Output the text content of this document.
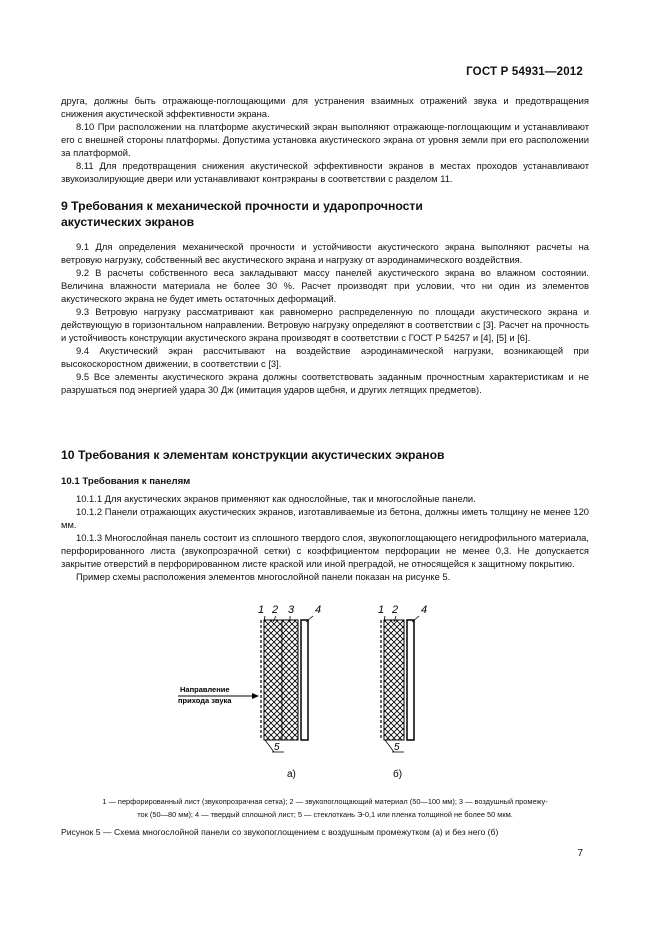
ГОСТ Р 54931—2012

друга, должны быть отражающе-поглощающими для устранения взаимных отражений звука и предотвращения снижения акустической эффективности экрана.

8.10 При расположении на платформе акустический экран выполняют отражающе-поглощающим и устанавливают его с внешней стороны платформы. Допустима установка акустического экрана от уровня земли при его расположении за платформой.

8.11 Для предотвращения снижения акустической эффективности экранов в местах проходов устанавливают звукоизолирующие двери или устанавливают контрэкраны в соответствии с разделом 11.

9 Требования к механической прочности и ударопрочности акустических экранов

9.1 Для определения механической прочности и устойчивости акустического экрана выполняют расчеты на ветровую нагрузку, собственный вес акустического экрана и нагрузку от аэродинамического воздействия.

9.2 В расчеты собственного веса закладывают массу панелей акустического экрана во влажном состоянии. Величина влажности материала не более 30 %. Расчет производят при условии, что ни один из элементов акустического экрана не будет иметь остаточных деформаций.

9.3 Ветровую нагрузку рассматривают как равномерно распределенную по площади акустического экрана и действующую в горизонтальном направлении. Ветровую нагрузку определяют в соответствии с [3]. Расчет на прочность и устойчивость конструкции акустического экрана производят в соответствии с ГОСТ Р 54257 и [4], [5] и [6].

9.4 Акустический экран рассчитывают на воздействие аэродинамической нагрузки, возникающей при высокоскоростном движении, в соответствии с [3].

9.5 Все элементы акустического экрана должны соответствовать заданным прочностным характеристикам и не разрушаться под энергией удара 30 Дж (имитация ударов щебня, и других летящих предметов).

10 Требования к элементам конструкции акустических экранов
10.1 Требования к панелям

10.1.1 Для акустических экранов применяют как однослойные, так и многослойные панели.

10.1.2 Панели отражающих акустических экранов, изготавливаемые из бетона, должны иметь толщину не менее 120 мм.

10.1.3 Многослойная панель состоит из сплошного твердого слоя, звукопоглощающего негидрофильного материала, перфорированного листа (звукопрозрачной сетки) с коэффициентом перфорации не менее 0,3. Не допускается закрытие отверстий в перфорированном листе краской или иной преградой, не относящейся к защитному покрытию.

Пример схемы расположения элементов многослойной панели показан на рисунке 5.

1 2 3 4
5
а)
Направление
прихода звука
1 2 4
5
б)
1 — перфорированный лист (звукопрозрачная сетка); 2 — звукопоглощающий материал (50—100 мм); 3 — воздушный промежу-
ток (50—80 мм); 4 — твердый сплошной лист; 5 — стеклоткань Э-0,1 или пленка толщиной не более 50 мкм.
Рисунок 5 — Схема многослойной панели со звукопоглощением с воздушным промежутком (а) и без него (б)
7
